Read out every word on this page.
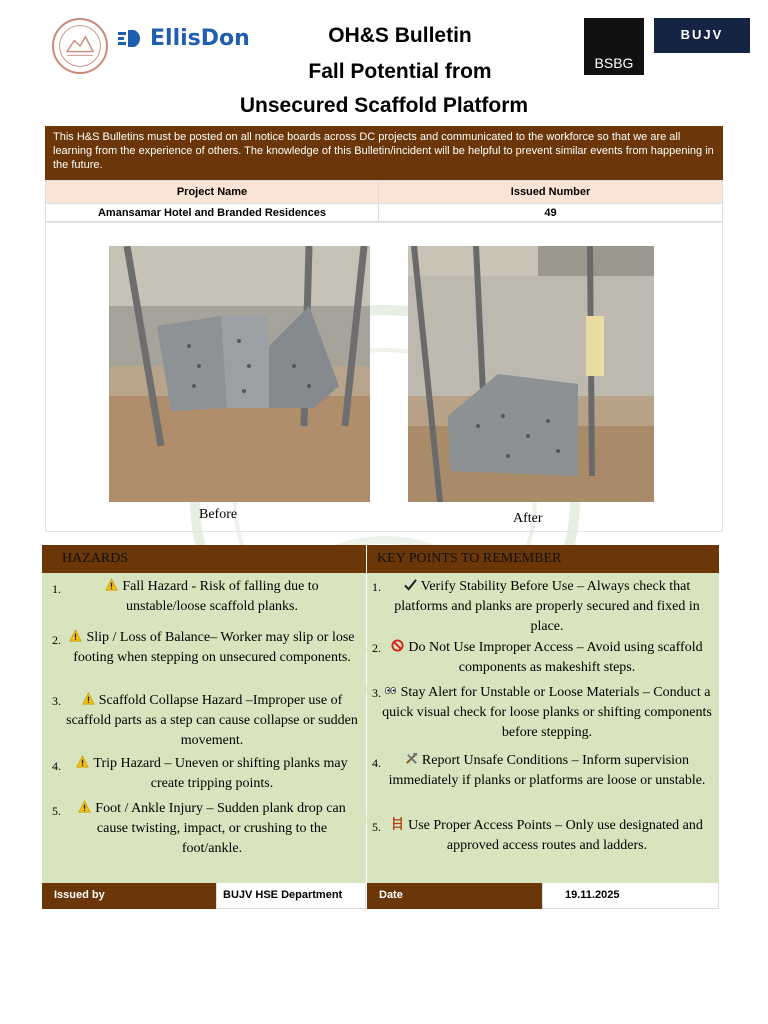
EllisDon	OH&S Bulletin
Fall Potential from
Unsecured Scaffold Platform
BSBG
BUJV

This H&S Bulletins must be posted on all notice boards across DC projects and communicated to the workforce so that we are all learning from the experience of others. The knowledge of this Bulletin/incident will be helpful to prevent similar events from happening in the future.
Project Name	Issued Number
Amansamar Hotel and Branded Residences	49
Before	After
HAZARDS	KEY POINTS TO REMEMBER
1.	Fall Hazard - Risk of falling due to unstable/loose scaffold planks.
2.	Slip / Loss of Balance– Worker may slip or lose footing when stepping on unsecured components.
3.	Scaffold Collapse Hazard –Improper use of scaffold parts as a step can cause collapse or sudden movement.
4.	Trip Hazard – Uneven or shifting planks may create tripping points.
5.	Foot / Ankle Injury – Sudden plank drop can cause twisting, impact, or crushing to the foot/ankle.
1.	Verify Stability Before Use – Always check that platforms and planks are properly secured and fixed in place.
2.	Do Not Use Improper Access – Avoid using scaffold components as makeshift steps.
3.	Stay Alert for Unstable or Loose Materials – Conduct a quick visual check for loose planks or shifting components before stepping.
4.	Report Unsafe Conditions – Inform supervision immediately if planks or platforms are loose or unstable.
5.	Use Proper Access Points – Only use designated and approved access routes and ladders.
Issued by	BUJV HSE Department	Date	19.11.2025
